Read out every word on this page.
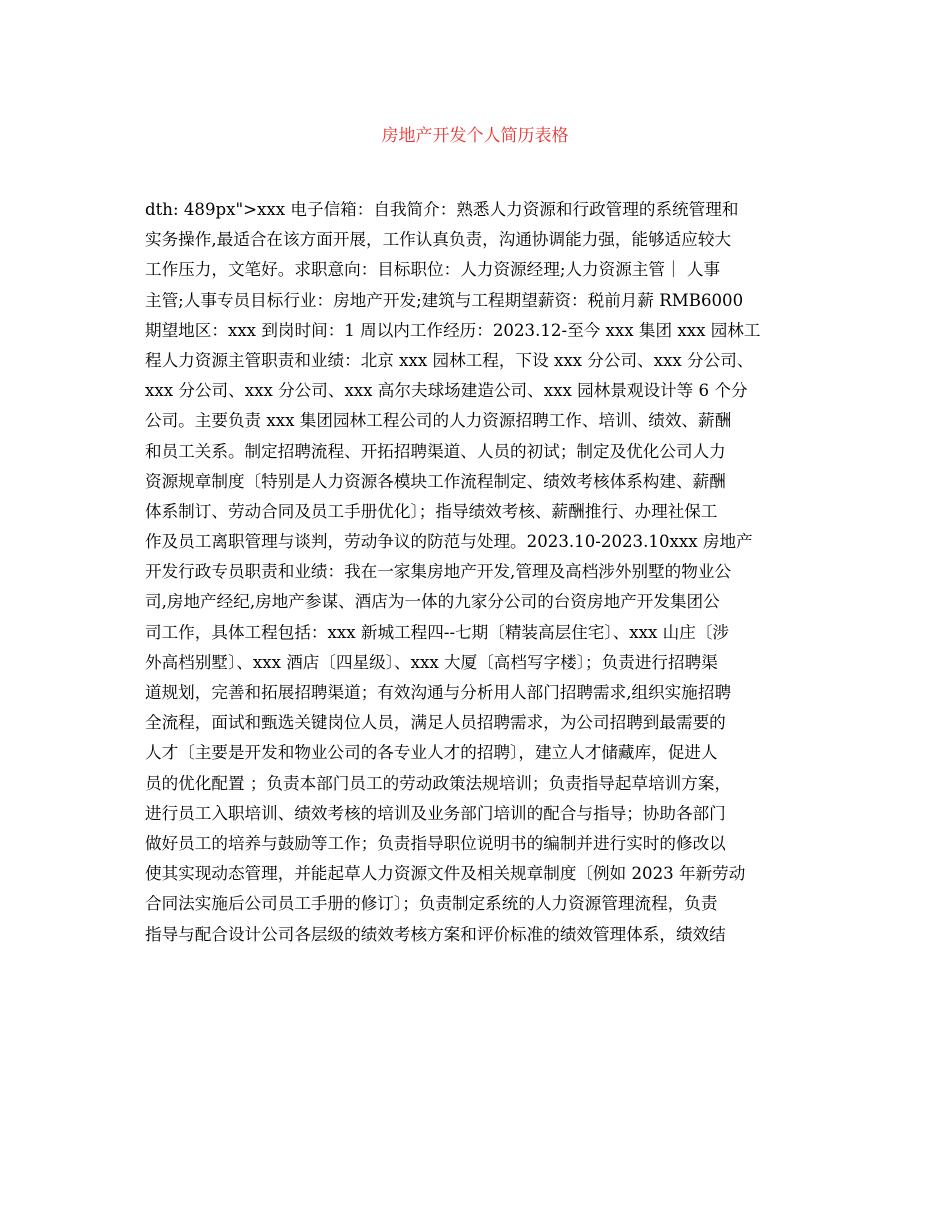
房地产开发个人简历表格
dth: 489px">xxx 电子信箱：自我简介：熟悉人力资源和行政管理的系统管理和
实务操作,最适合在该方面开展，工作认真负责，沟通协调能力强，能够适应较大
工作压力，文笔好。求职意向：目标职位：人力资源经理;人力资源主管｜ 人事
主管;人事专员目标行业：房地产开发;建筑与工程期望薪资：税前月薪 RMB6000
期望地区：xxx 到岗时间：1 周以内工作经历：2023.12-至今 xxx 集团 xxx 园林工
程人力资源主管职责和业绩：北京 xxx 园林工程，下设 xxx 分公司、xxx 分公司、
xxx 分公司、xxx 分公司、xxx 高尔夫球场建造公司、xxx 园林景观设计等 6 个分
公司。主要负责 xxx 集团园林工程公司的人力资源招聘工作、培训、绩效、薪酬
和员工关系。制定招聘流程、开拓招聘渠道、人员的初试；制定及优化公司人力
资源规章制度〔特别是人力资源各模块工作流程制定、绩效考核体系构建、薪酬
体系制订、劳动合同及员工手册优化〕；指导绩效考核、薪酬推行、办理社保工
作及员工离职管理与谈判，劳动争议的防范与处理。2023.10-2023.10xxx 房地产
开发行政专员职责和业绩：我在一家集房地产开发,管理及高档涉外别墅的物业公
司,房地产经纪,房地产参谋、酒店为一体的九家分公司的台资房地产开发集团公
司工作，具体工程包括：xxx 新城工程四--七期〔精装高层住宅〕、xxx 山庄〔涉
外高档别墅〕、xxx 酒店〔四星级〕、xxx 大厦〔高档写字楼〕；负责进行招聘渠
道规划，完善和拓展招聘渠道；有效沟通与分析用人部门招聘需求,组织实施招聘
全流程，面试和甄选关键岗位人员，满足人员招聘需求，为公司招聘到最需要的
人才〔主要是开发和物业公司的各专业人才的招聘〕，建立人才储藏库，促进人
员的优化配置 ；负责本部门员工的劳动政策法规培训；负责指导起草培训方案，
进行员工入职培训、绩效考核的培训及业务部门培训的配合与指导；协助各部门
做好员工的培养与鼓励等工作；负责指导职位说明书的编制并进行实时的修改以
使其实现动态管理，并能起草人力资源文件及相关规章制度〔例如 2023 年新劳动
合同法实施后公司员工手册的修订〕；负责制定系统的人力资源管理流程，负责
指导与配合设计公司各层级的绩效考核方案和评价标准的绩效管理体系，绩效结
